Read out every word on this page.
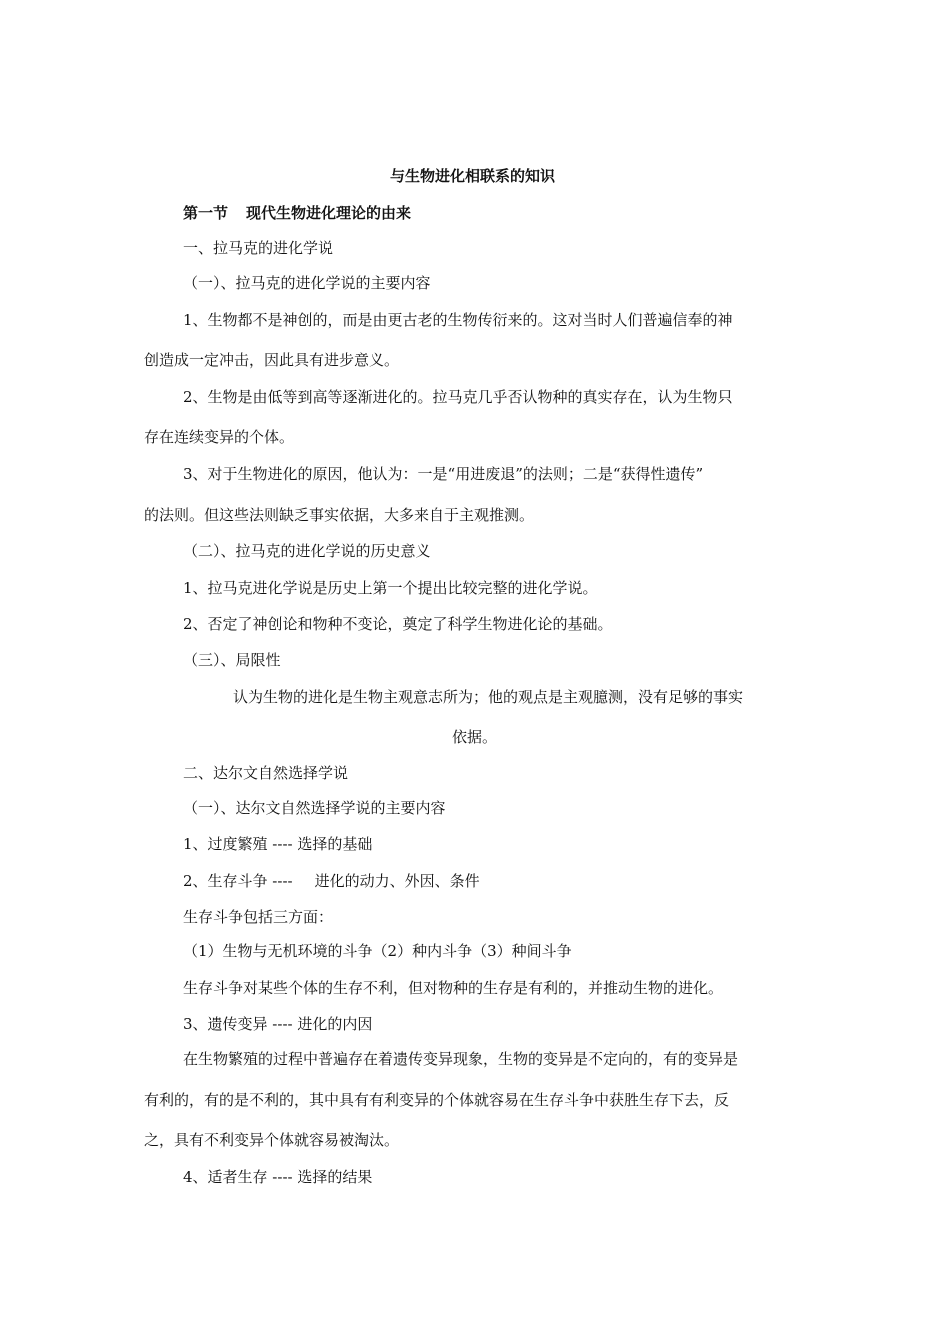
与生物进化相联系的知识
第一节 现代生物进化理论的由来
一、拉马克的进化学说
（一）、拉马克的进化学说的主要内容
1、生物都不是神创的，而是由更古老的生物传衍来的。这对当时人们普遍信奉的神
创造成一定冲击，因此具有进步意义。
2、生物是由低等到高等逐渐进化的。拉马克几乎否认物种的真实存在，认为生物只
存在连续变异的个体。
3、对于生物进化的原因，他认为：一是“用进废退”的法则；二是“获得性遗传”
的法则。但这些法则缺乏事实依据，大多来自于主观推测。
（二）、拉马克的进化学说的历史意义
1、拉马克进化学说是历史上第一个提出比较完整的进化学说。
2、否定了神创论和物种不变论，奠定了科学生物进化论的基础。
（三）、局限性
认为生物的进化是生物主观意志所为；他的观点是主观臆测，没有足够的事实
依据。
二、达尔文自然选择学说
（一）、达尔文自然选择学说的主要内容
1、过度繁殖 ---- 选择的基础
2、生存斗争 ---- 进化的动力、外因、条件
生存斗争包括三方面：
（1）生物与无机环境的斗争（2）种内斗争（3）种间斗争
生存斗争对某些个体的生存不利，但对物种的生存是有利的，并推动生物的进化。
3、遗传变异 ---- 进化的内因
在生物繁殖的过程中普遍存在着遗传变异现象，生物的变异是不定向的，有的变异是
有利的，有的是不利的，其中具有有利变异的个体就容易在生存斗争中获胜生存下去，反
之，具有不利变异个体就容易被淘汰。
4、适者生存 ---- 选择的结果
